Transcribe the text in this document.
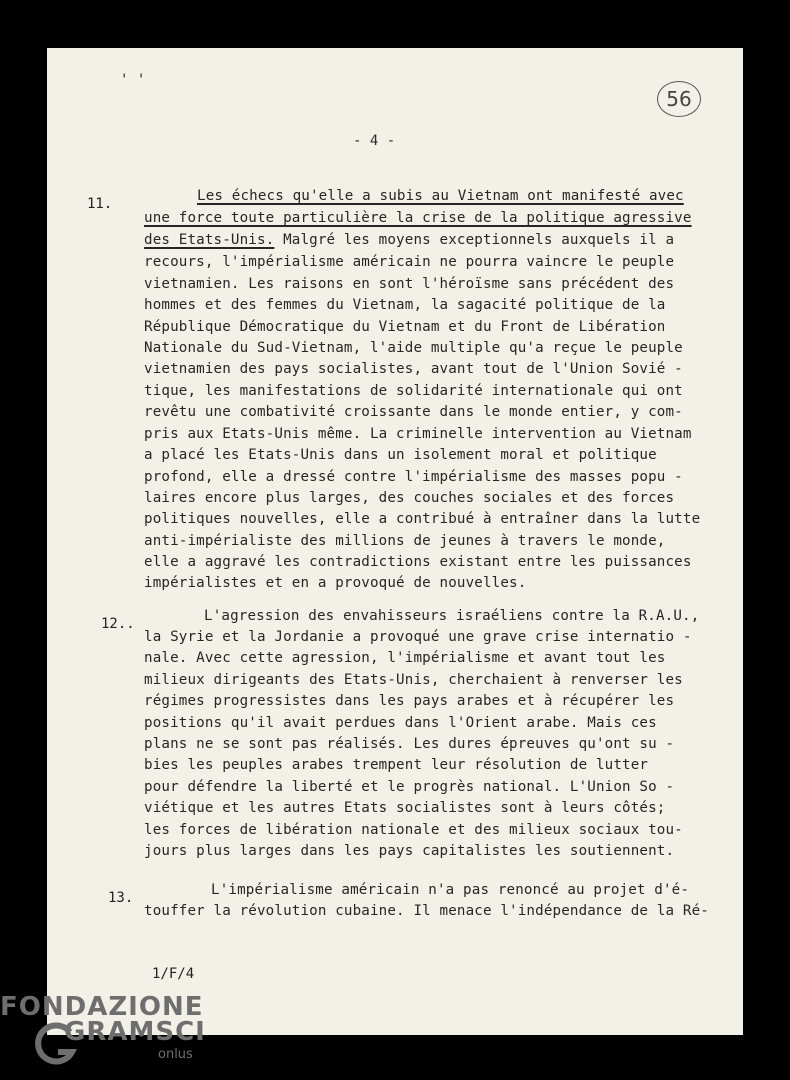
' '
56
- 4 -
11.	Les échecs qu'elle a subis au Vietnam ont manifesté avec
une force toute particulière la crise de la politique agressive
des Etats-Unis. Malgré les moyens exceptionnels auxquels il a
recours, l'impérialisme américain ne pourra vaincre le peuple
vietnamien. Les raisons en sont l'héroïsme sans précédent des
hommes et des femmes du Vietnam, la sagacité politique de la
République Démocratique du Vietnam et du Front de Libération
Nationale du Sud-Vietnam, l'aide multiple qu'a reçue le peuple
vietnamien des pays socialistes, avant tout de l'Union Sovié -
tique, les manifestations de solidarité internationale qui ont
revêtu une combativité croissante dans le monde entier, y com-
pris aux Etats-Unis même. La criminelle intervention au Vietnam
a placé les Etats-Unis dans un isolement moral et politique
profond, elle a dressé contre l'impérialisme des masses popu -
laires encore plus larges, des couches sociales et des forces
politiques nouvelles, elle a contribué à entraîner dans la lutte
anti-impérialiste des millions de jeunes à travers le monde,
elle a aggravé les contradictions existant entre les puissances
impérialistes et en a provoqué de nouvelles.
12..	L'agression des envahisseurs israéliens contre la R.A.U.,
la Syrie et la Jordanie a provoqué une grave crise internatio -
nale. Avec cette agression, l'impérialisme et avant tout les
milieux dirigeants des Etats-Unis, cherchaient à renverser les
régimes progressistes dans les pays arabes et à récupérer les
positions qu'il avait perdues dans l'Orient arabe. Mais ces
plans ne se sont pas réalisés. Les dures épreuves qu'ont su -
bies les peuples arabes trempent leur résolution de lutter
pour défendre la liberté et le progrès national. L'Union So -
viétique et les autres Etats socialistes sont à leurs côtés;
les forces de libération nationale et des milieux sociaux tou-
jours plus larges dans les pays capitalistes les soutiennent.
13.	L'impérialisme américain n'a pas renoncé au projet d'é-
touffer la révolution cubaine. Il menace l'indépendance de la Ré-
1/F/4
FONDAZIONE
GRAMSCI
onlus
